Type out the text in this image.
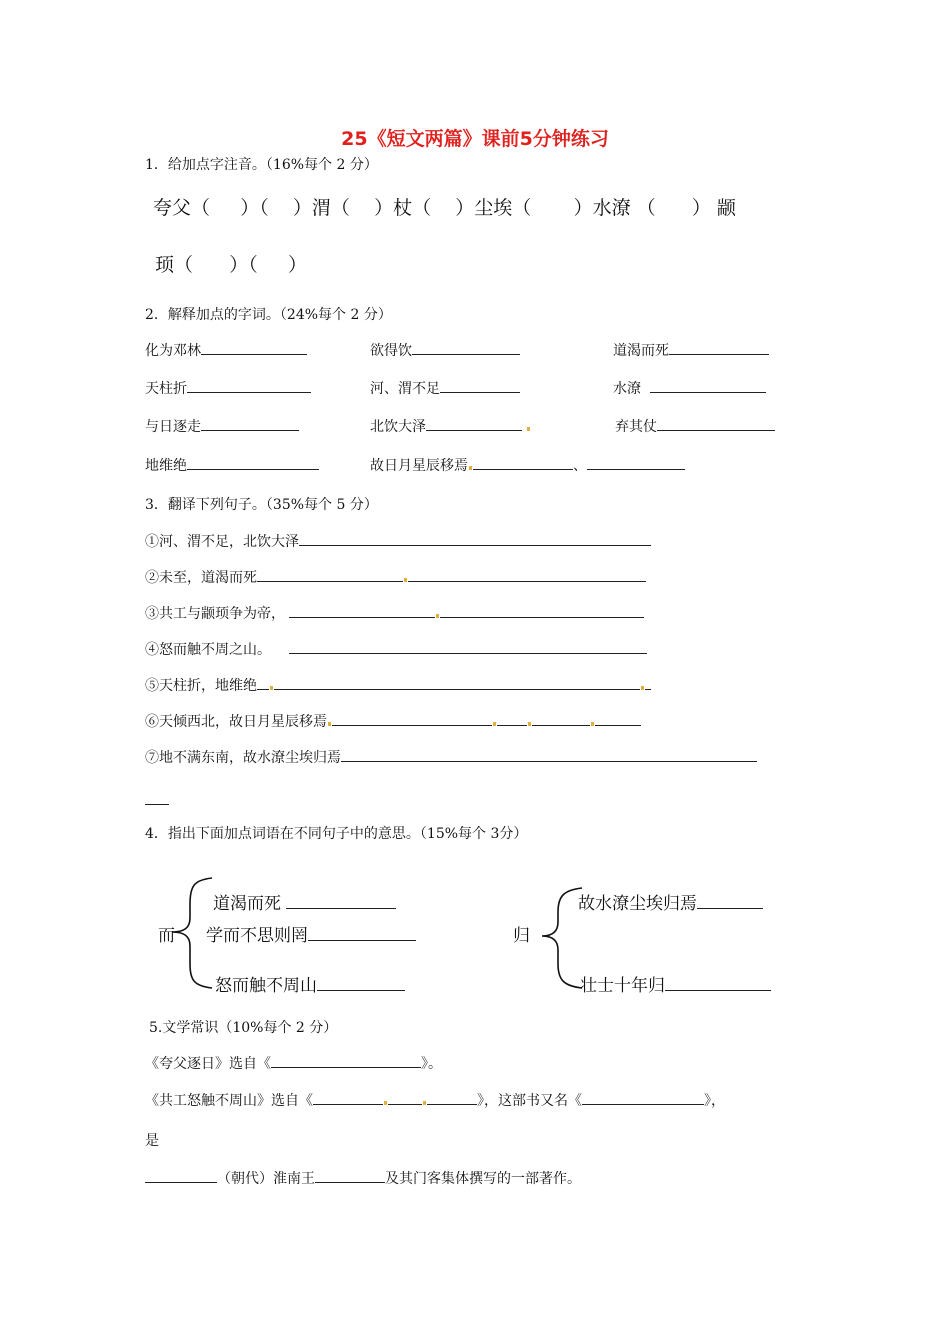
25《短文两篇》课前5分钟练习
1．给加点字注音。（16%每个 2 分）
夸父（ ）（ ）渭（ ）杖（ ）尘埃（ ）水潦 （ ） 颛
顼（ ）（ ）
2．解释加点的字词。（24%每个 2 分）
化为邓林	欲得饮	道渴而死
天柱折	河、渭不足	水潦
与日逐走	北饮大泽	弃其仗
地维绝	故日月星辰移焉	、
3．翻译下列句子。（35%每个 5 分）
①河、渭不足，北饮大泽
②未至，道渴而死
③共工与颛顼争为帝，
④怒而触不周之山。
⑤天柱折，地维绝
⑥天倾西北，故日月星辰移焉
⑦地不满东南，故水潦尘埃归焉
4．指出下面加点词语在不同句子中的意思。（15%每个 3分）
而
道渴而死
学而不思则罔
怒而触不周山
归
故水潦尘埃归焉
壮士十年归
5.文学常识（10%每个 2 分）
《夸父逐日》选自《	》。
《共工怒触不周山》选自《	》，这部书又名《	》，
是
（朝代）淮南王	及其门客集体撰写的一部著作。
